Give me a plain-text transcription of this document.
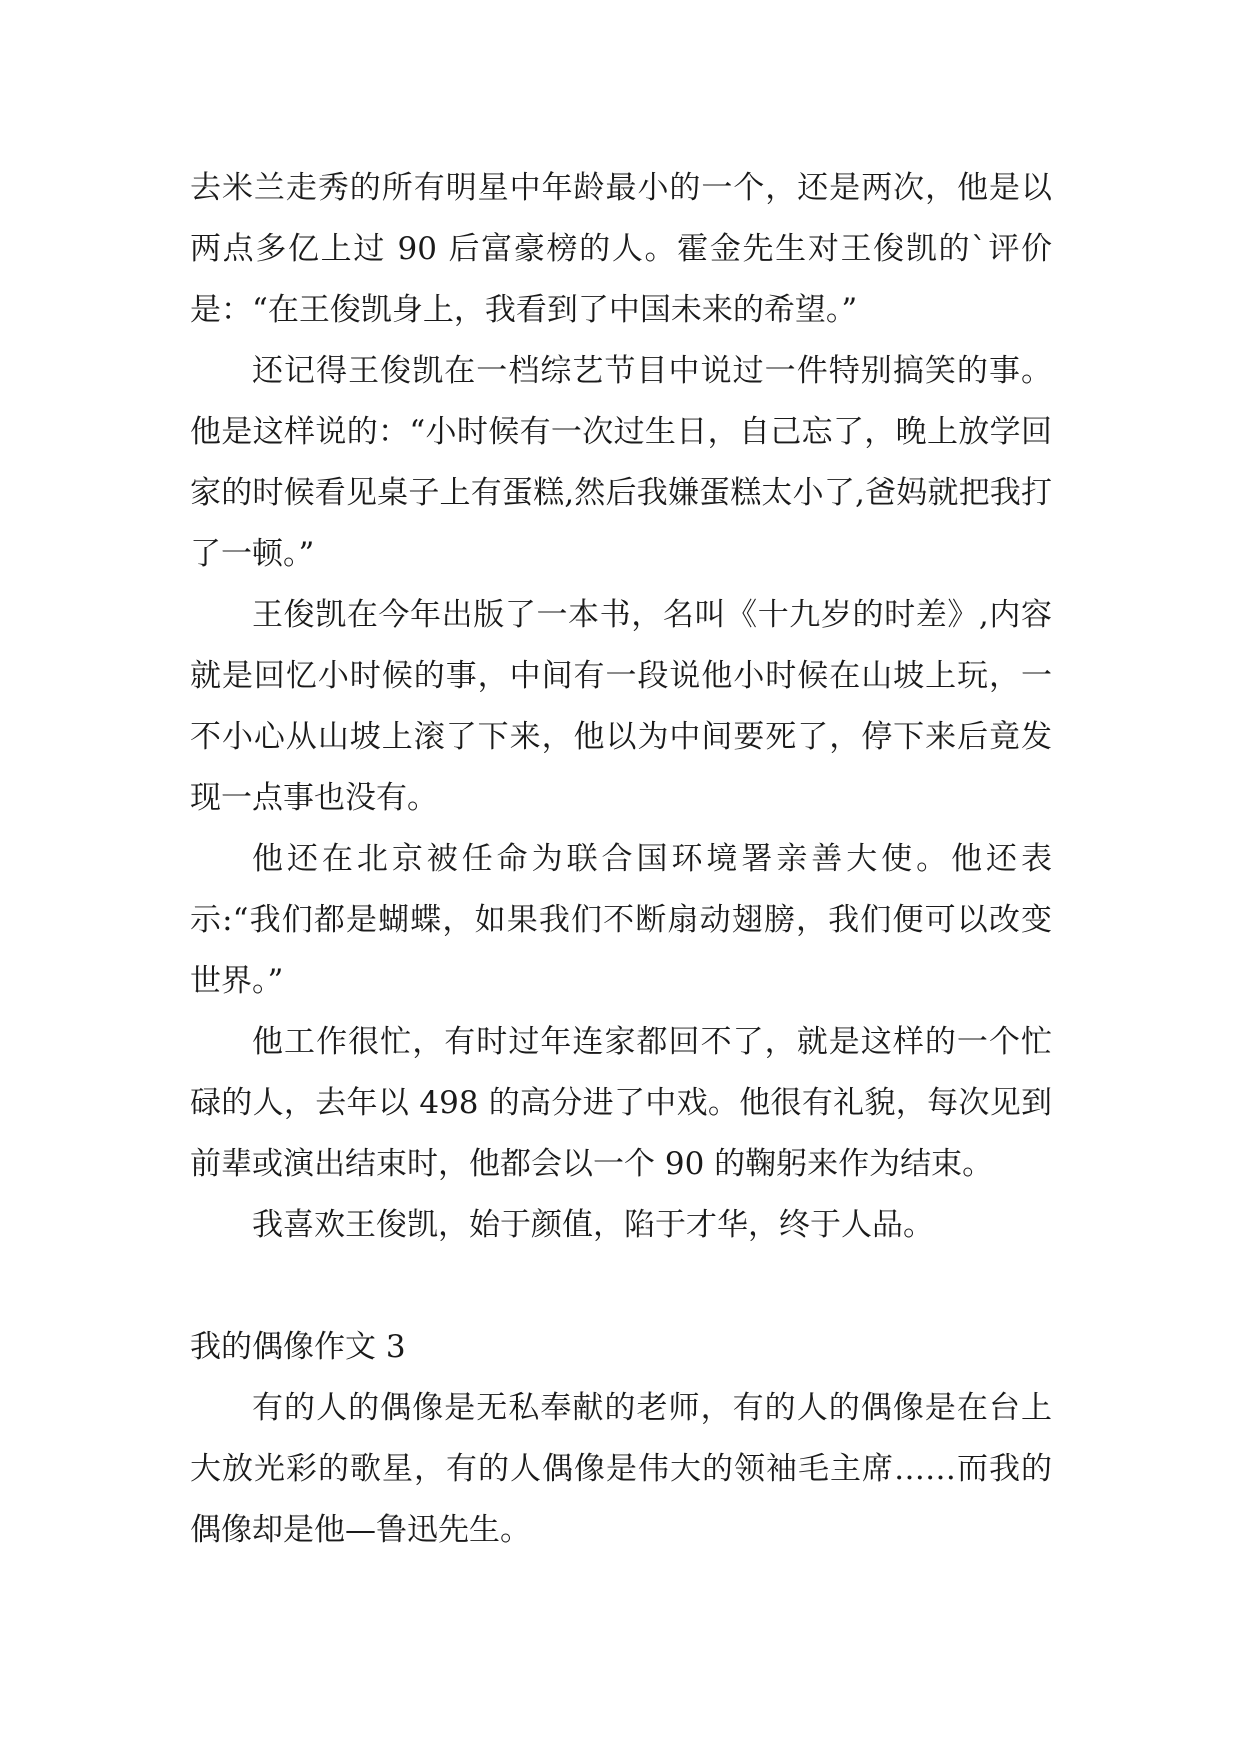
去米兰走秀的所有明星中年龄最小的一个，还是两次，他是以两点多亿上过 90 后富豪榜的人。霍金先生对王俊凯的`评价是：“在王俊凯身上，我看到了中国未来的希望。”

还记得王俊凯在一档综艺节目中说过一件特别搞笑的事。他是这样说的：“小时候有一次过生日，自己忘了，晚上放学回家的时候看见桌子上有蛋糕,然后我嫌蛋糕太小了,爸妈就把我打了一顿。”

王俊凯在今年出版了一本书，名叫《十九岁的时差》,内容就是回忆小时候的事，中间有一段说他小时候在山坡上玩，一不小心从山坡上滚了下来，他以为中间要死了，停下来后竟发现一点事也没有。

他还在北京被任命为联合国环境署亲善大使。他还表示:“我们都是蝴蝶，如果我们不断扇动翅膀，我们便可以改变世界。”

他工作很忙，有时过年连家都回不了，就是这样的一个忙碌的人，去年以 498 的高分进了中戏。他很有礼貌，每次见到前辈或演出结束时，他都会以一个 90 的鞠躬来作为结束。

我喜欢王俊凯，始于颜值，陷于才华，终于人品。

我的偶像作文 3

有的人的偶像是无私奉献的老师，有的人的偶像是在台上大放光彩的歌星，有的人偶像是伟大的领袖毛主席……而我的偶像却是他—鲁迅先生。
